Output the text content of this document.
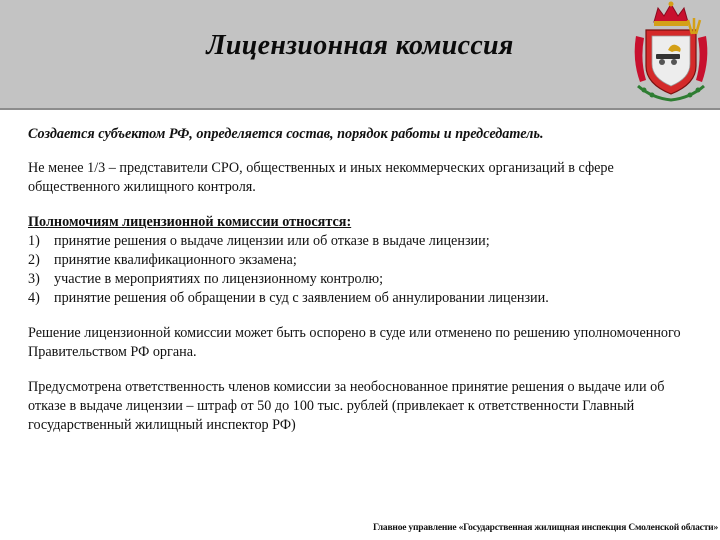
Лицензионная комиссия

Создается субъектом РФ, определяется состав, порядок работы и председатель.

Не менее 1/3 – представители СРО, общественных и иных некоммерческих организаций в сфере общественного жилищного контроля.

Полномочиям лицензионной комиссии относятся:
1) принятие решения о выдаче лицензии или об отказе в выдаче лицензии;
2) принятие квалификационного экзамена;
3) участие в мероприятиях по лицензионному контролю;
4) принятие решения об обращении в суд с заявлением об аннулировании лицензии.

Решение лицензионной комиссии может быть оспорено в суде или отменено по решению уполномоченного Правительством РФ органа.

Предусмотрена ответственность членов комиссии за необоснованное принятие решения о выдаче или об отказе в выдаче лицензии – штраф от 50 до 100 тыс. рублей (привлекает к ответственности Главный государственный жилищный инспектор РФ)

Главное управление «Государственная жилищная инспекция Смоленской области»
